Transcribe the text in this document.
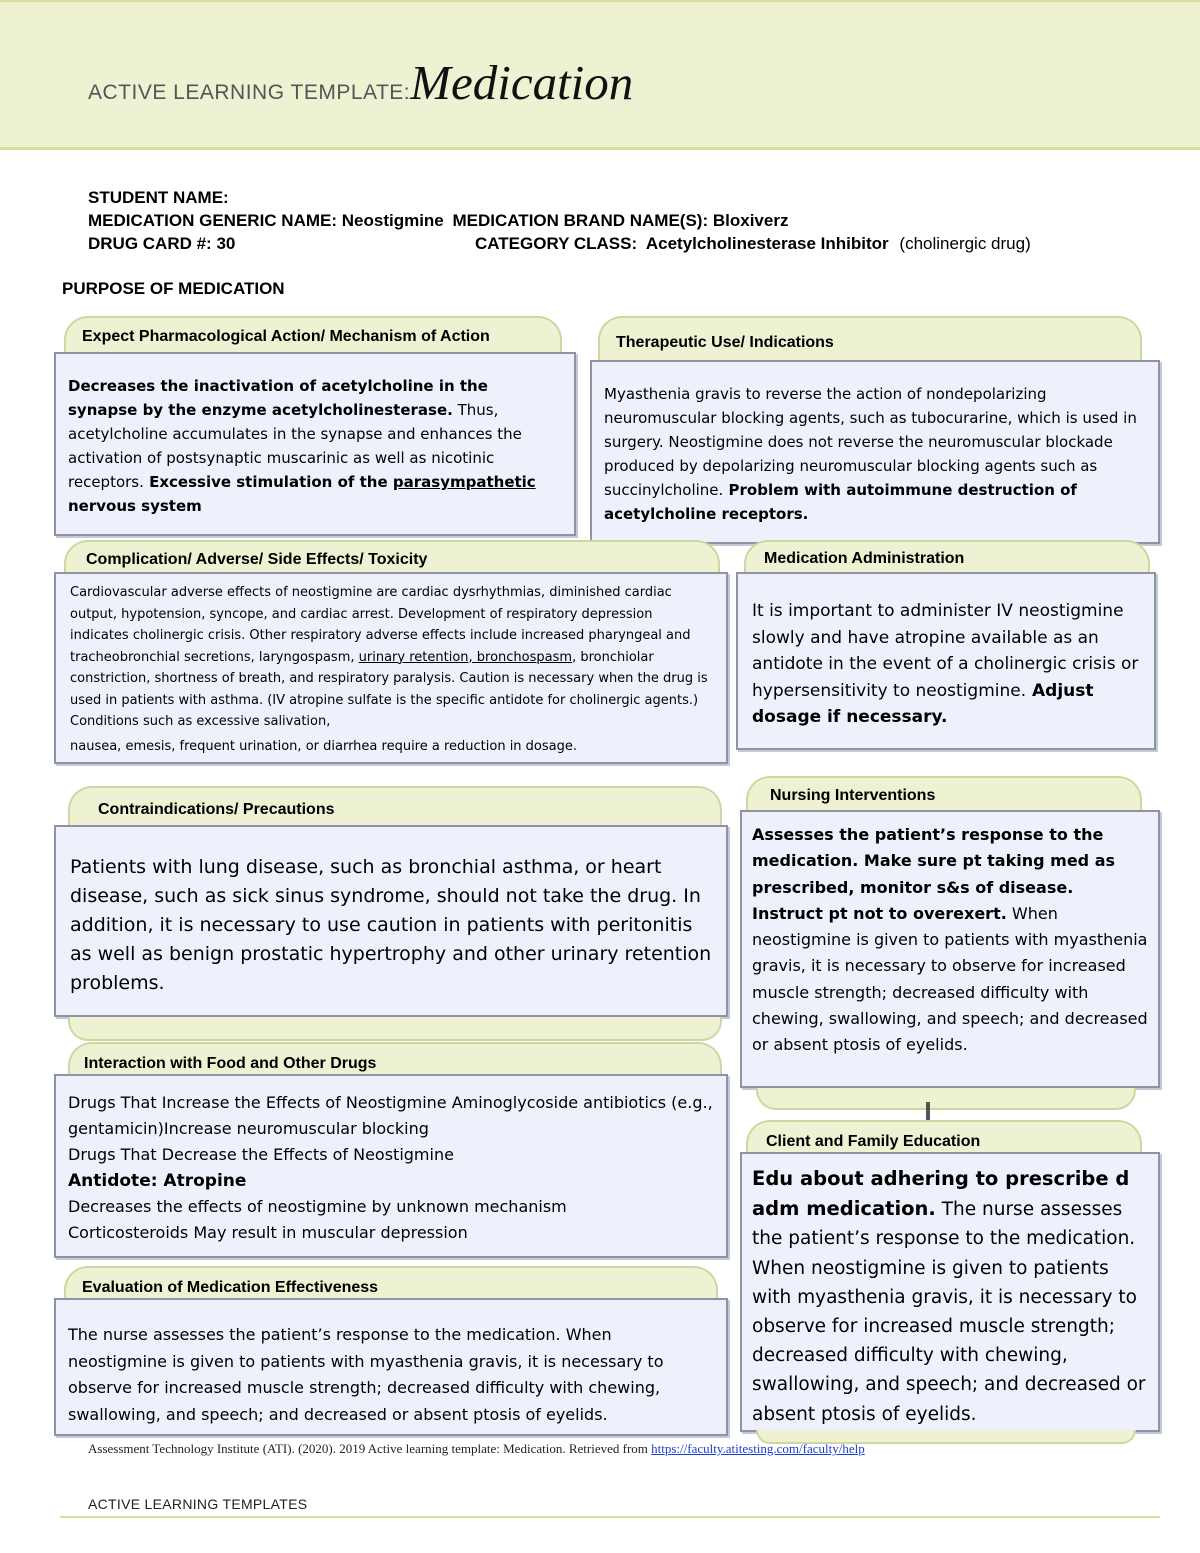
ACTIVE LEARNING TEMPLATE:Medication
STUDENT NAME:
MEDICATION GENERIC NAME: Neostigmine MEDICATION BRAND NAME(S): Bloxiverz
DRUG CARD #: 30	CATEGORY CLASS: Acetylcholinesterase Inhibitor (cholinergic drug)
PURPOSE OF MEDICATION
Expect Pharmacological Action/ Mechanism of Action

Decreases the inactivation of acetylcholine in the synapse by the enzyme acetylcholinesterase. Thus, acetylcholine accumulates in the synapse and enhances the activation of postsynaptic muscarinic as well as nicotinic receptors. Excessive stimulation of the parasympathetic nervous system

Therapeutic Use/ Indications

Myasthenia gravis to reverse the action of nondepolarizing neuromuscular blocking agents, such as tubocurarine, which is used in surgery. Neostigmine does not reverse the neuromuscular blockade produced by depolarizing neuromuscular blocking agents such as succinylcholine. Problem with autoimmune destruction of acetylcholine receptors.

Complication/ Adverse/ Side Effects/ Toxicity

Cardiovascular adverse effects of neostigmine are cardiac dysrhythmias, diminished cardiac output, hypotension, syncope, and cardiac arrest. Development of respiratory depression indicates cholinergic crisis. Other respiratory adverse effects include increased pharyngeal and tracheobronchial secretions, laryngospasm, urinary retention, bronchospasm, bronchiolar constriction, shortness of breath, and respiratory paralysis. Caution is necessary when the drug is used in patients with asthma. (IV atropine sulfate is the specific antidote for cholinergic agents.) Conditions such as excessive salivation,

nausea, emesis, frequent urination, or diarrhea require a reduction in dosage.

Medication Administration

It is important to administer IV neostigmine slowly and have atropine available as an antidote in the event of a cholinergic crisis or hypersensitivity to neostigmine. Adjust dosage if necessary.

Contraindications/ Precautions

Patients with lung disease, such as bronchial asthma, or heart disease, such as sick sinus syndrome, should not take the drug. In addition, it is necessary to use caution in patients with peritonitis as well as benign prostatic hypertrophy and other urinary retention problems.

Nursing Interventions

Assesses the patient’s response to the medication. Make sure pt taking med as prescribed, monitor s&s of disease. Instruct pt not to overexert. When neostigmine is given to patients with myasthenia gravis, it is necessary to observe for increased muscle strength; decreased difficulty with chewing, swallowing, and speech; and decreased or absent ptosis of eyelids.

Interaction with Food and Other Drugs

Drugs That Increase the Effects of Neostigmine Aminoglycoside antibiotics (e.g., gentamicin)Increase neuromuscular blocking

Drugs That Decrease the Effects of Neostigmine

Antidote: Atropine

Decreases the effects of neostigmine by unknown mechanism

Corticosteroids May result in muscular depression

Client and Family Education

Edu about adhering to prescribe d adm medication. The nurse assesses the patient’s response to the medication. When neostigmine is given to patients with myasthenia gravis, it is necessary to observe for increased muscle strength; decreased difficulty with chewing, swallowing, and speech; and decreased or absent ptosis of eyelids.

Evaluation of Medication Effectiveness

The nurse assesses the patient’s response to the medication. When neostigmine is given to patients with myasthenia gravis, it is necessary to observe for increased muscle strength; decreased difficulty with chewing, swallowing, and speech; and decreased or absent ptosis of eyelids.

Assessment Technology Institute (ATI). (2020). 2019 Active learning template: Medication. Retrieved from https://faculty.atitesting.com/faculty/help
ACTIVE LEARNING TEMPLATES
